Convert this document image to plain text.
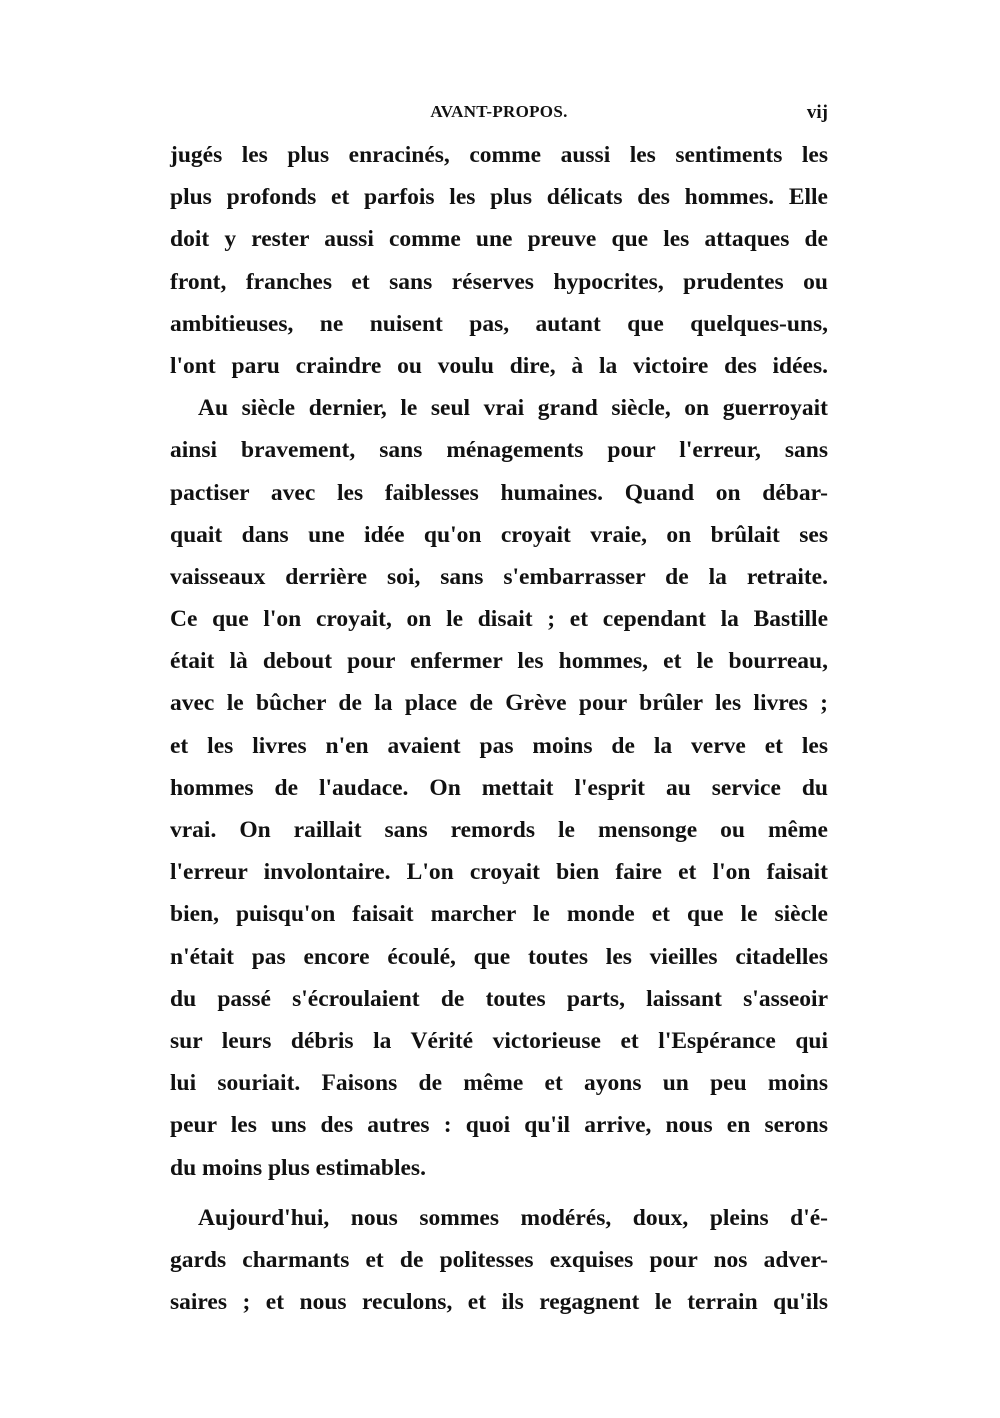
AVANT-PROPOS.	vij
jugés les plus enracinés, comme aussi les sentiments les
plus profonds et parfois les plus délicats des hommes. Elle
doit y rester aussi comme une preuve que les attaques de
front, franches et sans réserves hypocrites, prudentes ou
ambitieuses, ne nuisent pas, autant que quelques-uns,
l'ont paru craindre ou voulu dire, à la victoire des idées.
Au siècle dernier, le seul vrai grand siècle, on guerroyait
ainsi bravement, sans ménagements pour l'erreur, sans
pactiser avec les faiblesses humaines. Quand on débar-
quait dans une idée qu'on croyait vraie, on brûlait ses
vaisseaux derrière soi, sans s'embarrasser de la retraite.
Ce que l'on croyait, on le disait ; et cependant la Bastille
était là debout pour enfermer les hommes, et le bourreau,
avec le bûcher de la place de Grève pour brûler les livres ;
et les livres n'en avaient pas moins de la verve et les
hommes de l'audace. On mettait l'esprit au service du
vrai. On raillait sans remords le mensonge ou même
l'erreur involontaire. L'on croyait bien faire et l'on faisait
bien, puisqu'on faisait marcher le monde et que le siècle
n'était pas encore écoulé, que toutes les vieilles citadelles
du passé s'écroulaient de toutes parts, laissant s'asseoir
sur leurs débris la Vérité victorieuse et l'Espérance qui
lui souriait. Faisons de même et ayons un peu moins
peur les uns des autres : quoi qu'il arrive, nous en serons
du moins plus estimables.
Aujourd'hui, nous sommes modérés, doux, pleins d'é-
gards charmants et de politesses exquises pour nos adver-
saires ; et nous reculons, et ils regagnent le terrain qu'ils
